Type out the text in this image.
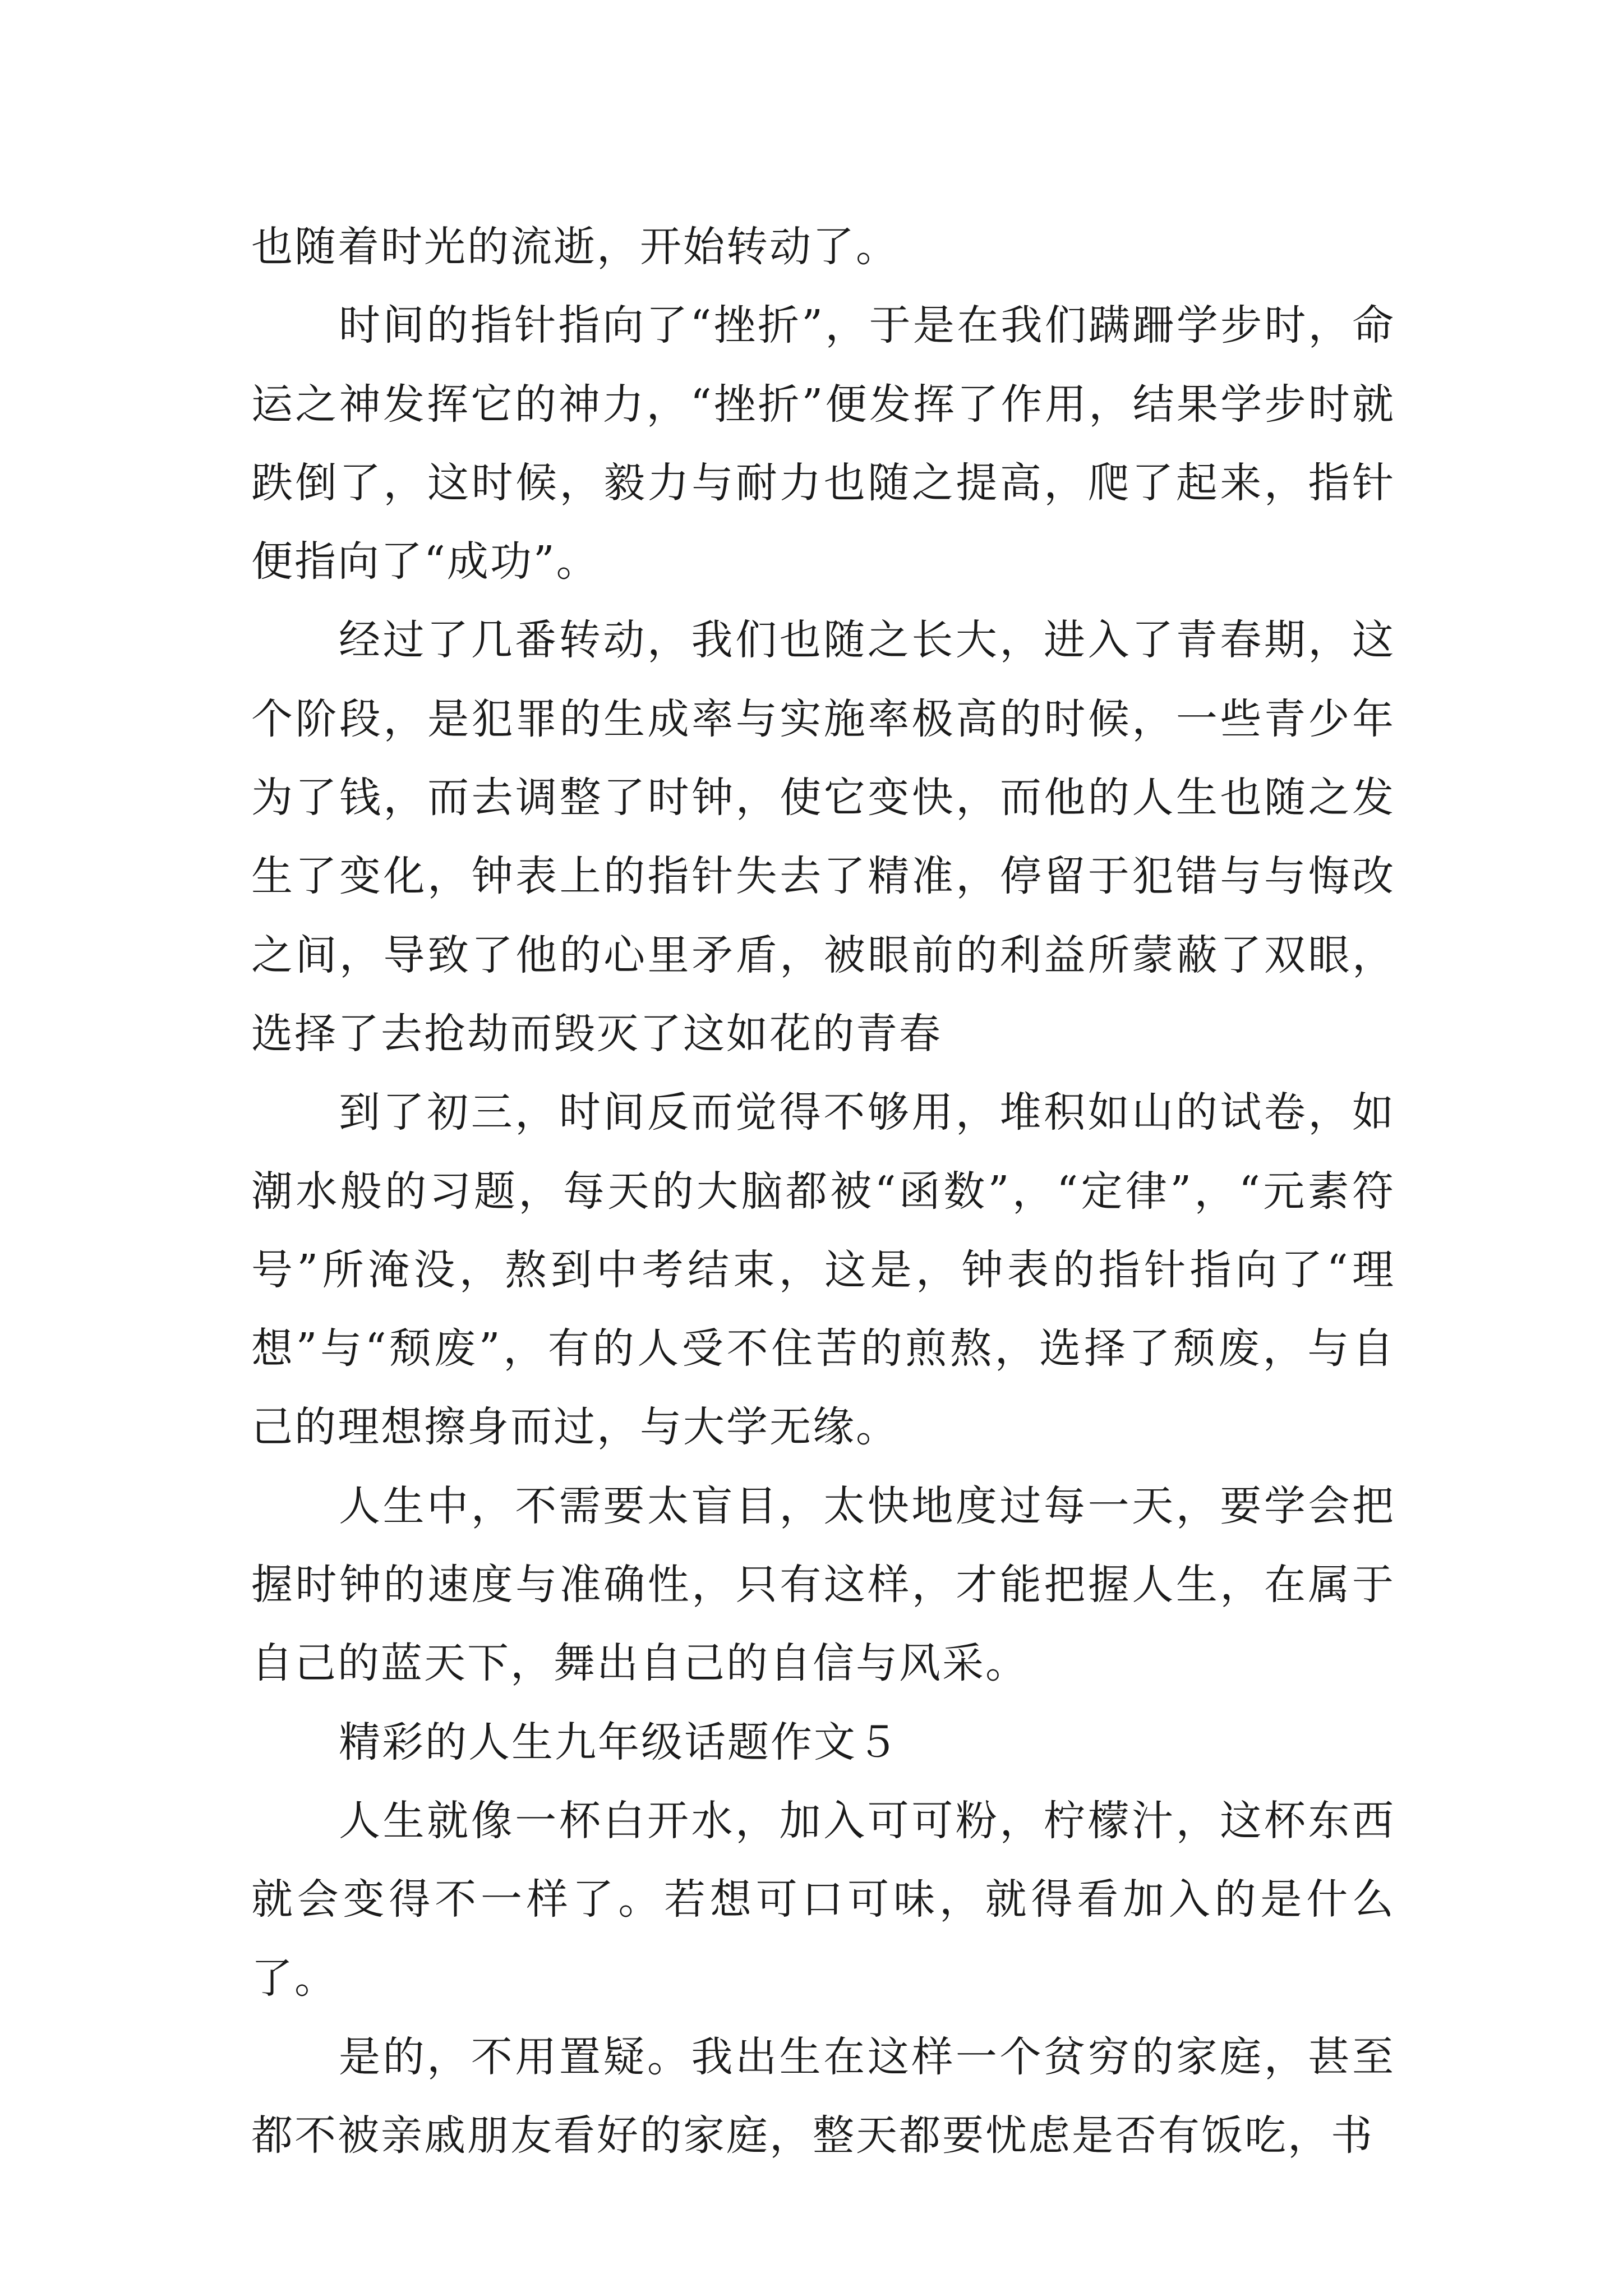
也随着时光的流逝，开始转动了。

时间的指针指向了“挫折”，于是在我们蹒跚学步时，命运之神发挥它的神力，“挫折”便发挥了作用，结果学步时就跌倒了，这时候，毅力与耐力也随之提高，爬了起来，指针便指向了“成功”。

经过了几番转动，我们也随之长大，进入了青春期，这个阶段，是犯罪的生成率与实施率极高的时候，一些青少年为了钱，而去调整了时钟，使它变快，而他的人生也随之发生了变化，钟表上的指针失去了精准，停留于犯错与与悔改之间，导致了他的心里矛盾，被眼前的利益所蒙蔽了双眼，选择了去抢劫而毁灭了这如花的青春

到了初三，时间反而觉得不够用，堆积如山的试卷，如潮水般的习题，每天的大脑都被“函数”，“定律”，“元素符号”所淹没，熬到中考结束，这是，钟表的指针指向了“理想”与“颓废”，有的人受不住苦的煎熬，选择了颓废，与自己的理想擦身而过，与大学无缘。

人生中，不需要太盲目，太快地度过每一天，要学会把握时钟的速度与准确性，只有这样，才能把握人生，在属于自己的蓝天下，舞出自己的自信与风采。

精彩的人生九年级话题作文５

人生就像一杯白开水，加入可可粉，柠檬汁，这杯东西就会变得不一样了。若想可口可味，就得看加入的是什么了。

是的，不用置疑。我出生在这样一个贫穷的家庭，甚至都不被亲戚朋友看好的家庭，整天都要忧虑是否有饭吃，书
